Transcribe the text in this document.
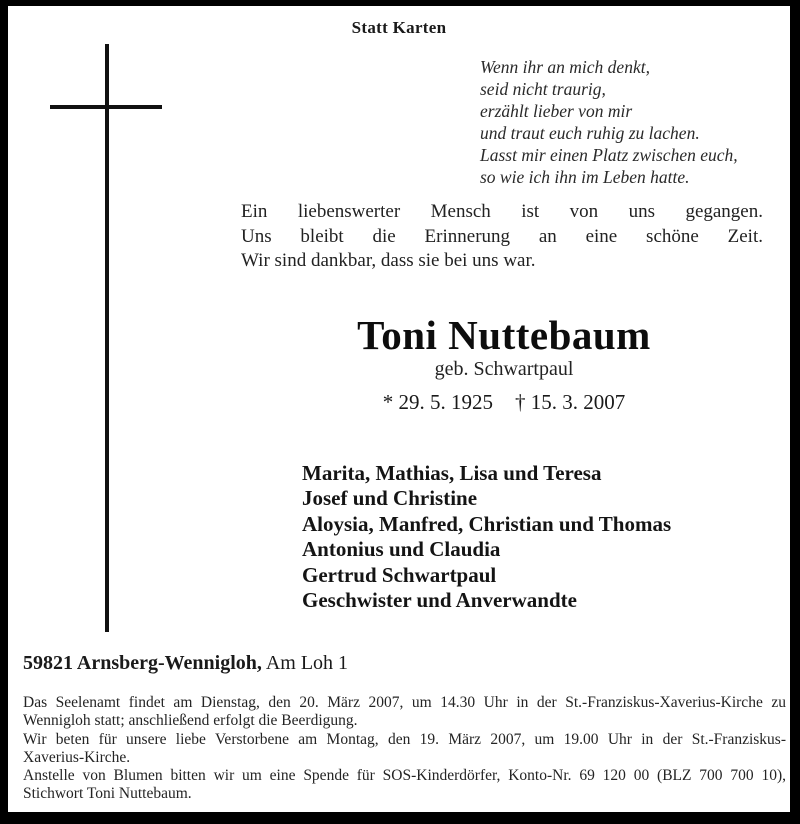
Statt Karten
Wenn ihr an mich denkt,
seid nicht traurig,
erzählt lieber von mir
und traut euch ruhig zu lachen.
Lasst mir einen Platz zwischen euch,
so wie ich ihn im Leben hatte.
Ein liebenswerter Mensch ist von uns gegangen.
Uns bleibt die Erinnerung an eine schöne Zeit.
Wir sind dankbar, dass sie bei uns war.
Toni Nuttebaum
geb. Schwartpaul
* 29. 5. 1925 † 15. 3. 2007
Marita, Mathias, Lisa und Teresa
Josef und Christine
Aloysia, Manfred, Christian und Thomas
Antonius und Claudia
Gertrud Schwartpaul
Geschwister und Anverwandte
59821 Arnsberg-Wennigloh, Am Loh 1
Das Seelenamt findet am Dienstag, den 20. März 2007, um 14.30 Uhr in der St.-Franziskus-Xaverius-Kirche zu
Wennigloh statt; anschließend erfolgt die Beerdigung.
Wir beten für unsere liebe Verstorbene am Montag, den 19. März 2007, um 19.00 Uhr in der St.-Franziskus-
Xaverius-Kirche.
Anstelle von Blumen bitten wir um eine Spende für SOS-Kinderdörfer, Konto-Nr. 69 120 00 (BLZ 700 700 10),
Stichwort Toni Nuttebaum.
